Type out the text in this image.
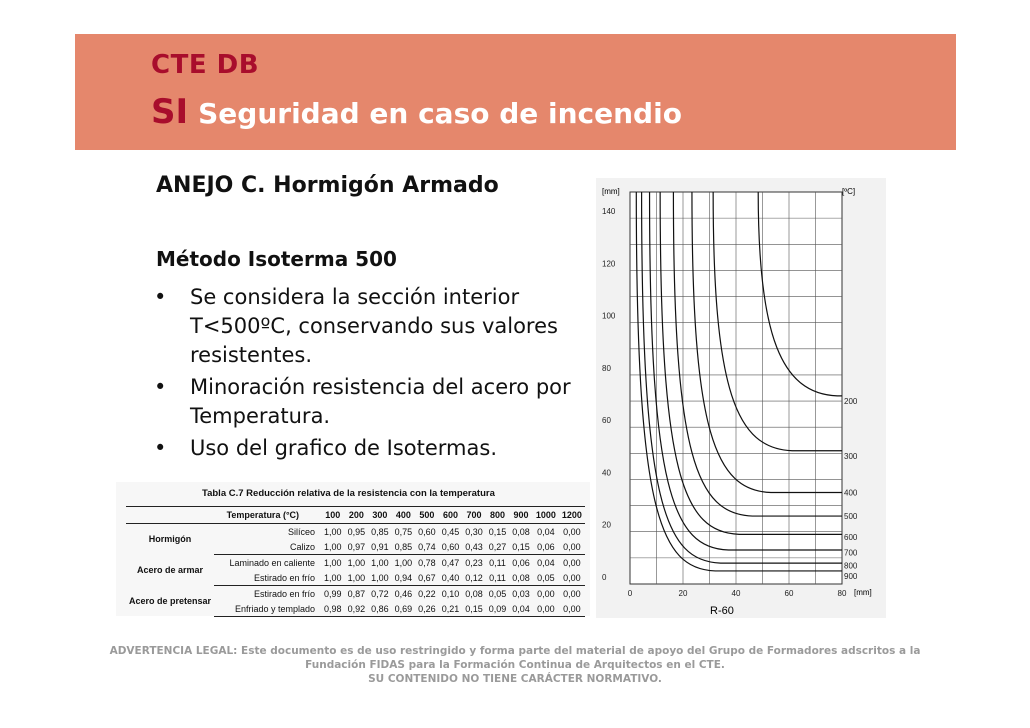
CTE DB
SI Seguridad en caso de incendio
ANEJO C. Hormigón Armado
Método Isoterma 500
• Se considera la sección interior T<500ºC, conservando sus valores resistentes.
• Minoración resistencia del acero por Temperatura.
• Uso del grafico de Isotermas.
Tabla C.7 Reducción relativa de la resistencia con la temperatura
Temperatura (°C)		100	200	300	400	500	600	700	800	900	1000	1200
Hormigón	Silíceo	1,00	0,95	0,85	0,75	0,60	0,45	0,30	0,15	0,08	0,04	0,00
	Calizo	1,00	0,97	0,91	0,85	0,74	0,60	0,43	0,27	0,15	0,06	0,00
Acero de armar	Laminado en caliente	1,00	1,00	1,00	1,00	0,78	0,47	0,23	0,11	0,06	0,04	0,00
	Estirado en frío	1,00	1,00	1,00	0,94	0,67	0,40	0,12	0,11	0,08	0,05	0,00
Acero de pretensar	Estirado en frío	0,99	0,87	0,72	0,46	0,22	0,10	0,08	0,05	0,03	0,00	0,00
	Enfriado y templado	0,98	0,92	0,86	0,69	0,26	0,21	0,15	0,09	0,04	0,00	0,00
0
20
40
60
80
100
120
140
0	20	40	60	80
200
300
400
500
600
700
800
900
[mm]	[ºC]
[mm]
R-60
ADVERTENCIA LEGAL: Este documento es de uso restringido y forma parte del material de apoyo del Grupo de Formadores adscritos a la
Fundación FIDAS para la Formación Continua de Arquitectos en el CTE.
SU CONTENIDO NO TIENE CARÁCTER NORMATIVO.
